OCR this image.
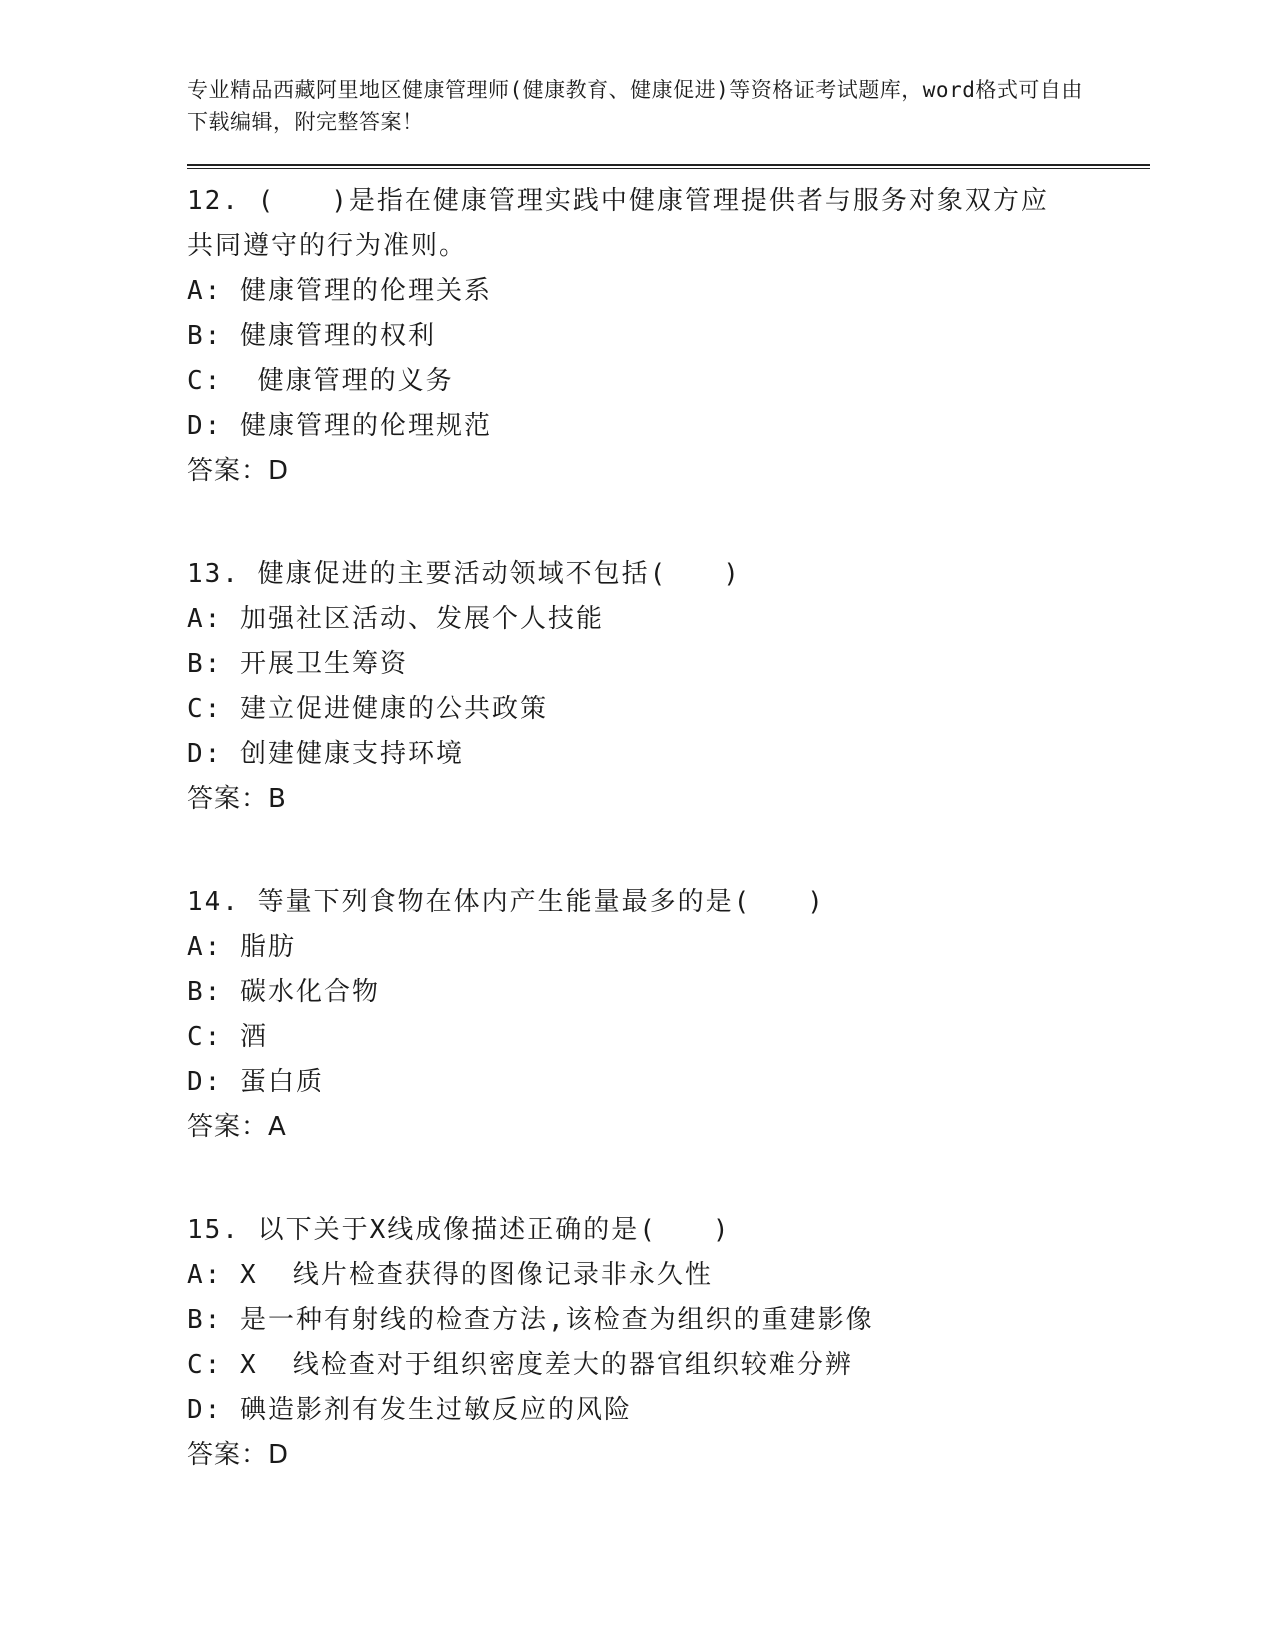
专业精品西藏阿里地区健康管理师(健康教育、健康促进)等资格证考试题库，word格式可自由下载编辑，附完整答案！
12. (　　)是指在健康管理实践中健康管理提供者与服务对象双方应共同遵守的行为准则。
A: 健康管理的伦理关系
B: 健康管理的权利
C:  健康管理的义务
D: 健康管理的伦理规范
答案：D
13. 健康促进的主要活动领域不包括(　　)
A: 加强社区活动、发展个人技能
B: 开展卫生筹资
C: 建立促进健康的公共政策
D: 创建健康支持环境
答案：B
14. 等量下列食物在体内产生能量最多的是(　　)
A: 脂肪
B: 碳水化合物
C: 酒
D: 蛋白质
答案：A
15. 以下关于X线成像描述正确的是(　　)
A: X  线片检查获得的图像记录非永久性
B: 是一种有射线的检查方法,该检查为组织的重建影像
C: X  线检查对于组织密度差大的器官组织较难分辨
D: 碘造影剂有发生过敏反应的风险
答案：D
